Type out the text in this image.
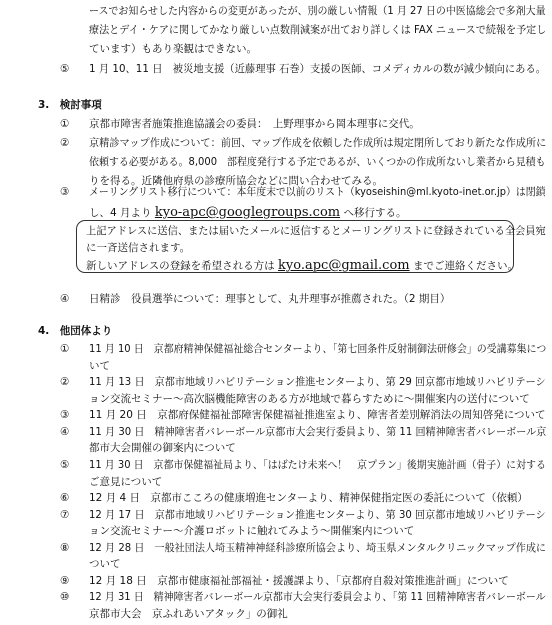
ースでお知らせした内容からの変更があったが、別の厳しい情報（1 月 27 日の中医協総会で多剤大量
療法とデイ・ケアに関してかなり厳しい点数削減案が出ており詳しくは FAX ニュースで続報を予定し
ています）もあり楽観はできない。
⑤ 1 月 10、11 日　被災地支援（近藤理事 石巻）支援の医師、コメディカルの数が減少傾向にある。
3.　検討事項
① 京都市障害者施策推進協議会の委員：　上野理事から岡本理事に交代。
② 京精診マップ作成について：前回、マップ作成を依頼した作成所は規定閉所しており新たな作成所に
依頼する必要がある。8,000　部程度発行する予定であるが、いくつかの作成所ないし業者から見積も
りを得る。近隣他府県の診療所協会などに問い合わせてみる。
③ メーリングリスト移行について：本年度末で以前のリスト（kyoseishin@ml.kyoto-inet.or.jp）は閉鎖
し、4 月より kyo-apc@googlegroups.com へ移行する。
上記アドレスに送信、または届いたメールに返信するとメーリングリストに登録されている全会員宛
に一斉送信されます。
新しいアドレスの登録を希望される方は kyo.apc@gmail.com までご連絡ください。
④ 日精診　役員選挙について：理事として、丸井理事が推薦された。（2 期目）
4.　他団体より
① 11 月 10 日　京都府精神保健福祉総合センターより、「第七回条件反射制御法研修会」の受講募集につ
いて
② 11 月 13 日　京都市地域リハビリテーション推進センターより、第 29 回京都市地域リハビリテーシ
ョン交流セミナー～高次脳機能障害のある方が地域で暮らすために～開催案内の送付について
③ 11 月 20 日　京都府保健福祉部障害保健福祉推進室より、障害者差別解消法の周知啓発について
④ 11 月 30 日　精神障害者バレーボール京都市大会実行委員より、第 11 回精神障害者バレーボール京
都市大会開催の御案内について
⑤ 11 月 30 日　京都市保健福祉局より、「はばたけ未来へ！　京プラン」後期実施計画（骨子）に対する
ご意見について
⑥ 12 月 4 日　京都市こころの健康増進センターより、精神保健指定医の委託について（依頼）
⑦ 12 月 17 日　京都市地域リハビリテーション推進センターより、第 30 回京都市地域リハビリテーシ
ョン交流セミナー～介護ロボットに触れてみよう～開催案内について
⑧ 12 月 28 日　一般社団法人埼玉精神神経科診療所協会より、埼玉県メンタルクリニックマップ作成に
ついて
⑨ 12 月 18 日　京都市健康福祉部福祉・援護課より、「京都府自殺対策推進計画」について
⑩ 12 月 31 日　精神障害者バレーボール京都市大会実行委員会より、「第 11 回精神障害者バレーボール
京都市大会　京ふれあいアタック」の御礼
